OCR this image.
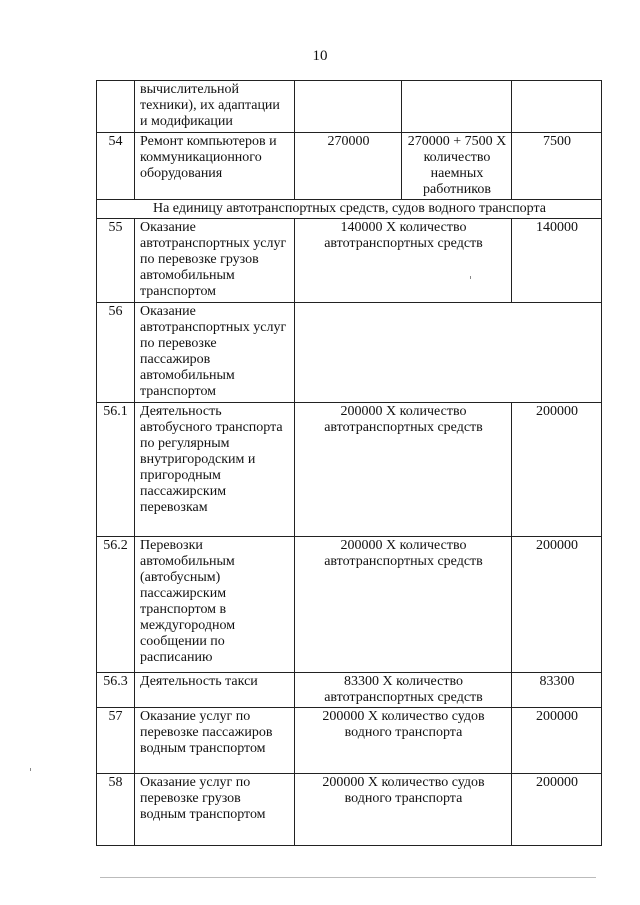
10
	вычислительной техники), их адаптации и модификации			
54	Ремонт компьютеров и коммуникационного оборудования	270000	270000 + 7500 Х количество наемных работников	7500
На единицу автотранспортных средств, судов водного транспорта				
55	Оказание автотранспортных услуг по перевозке грузов автомобильным транспортом	140000 Х количество автотранспортных средств		140000
56	Оказание автотранспортных услуг по перевозке пассажиров автомобильным транспортом			
56.1	Деятельность автобусного транспорта по регулярным внутригородским и пригородным пассажирским перевозкам	200000 Х количество автотранспортных средств		200000
56.2	Перевозки автомобильным (автобусным) пассажирским транспортом в междугородном сообщении по расписанию	200000 Х количество автотранспортных средств		200000
56.3	Деятельность такси	83300 Х количество автотранспортных средств		83300
57	Оказание услуг по перевозке пассажиров водным транспортом	200000 Х количество судов водного транспорта		200000
58	Оказание услуг по перевозке грузов водным транспортом	200000 Х количество судов водного транспорта		200000
